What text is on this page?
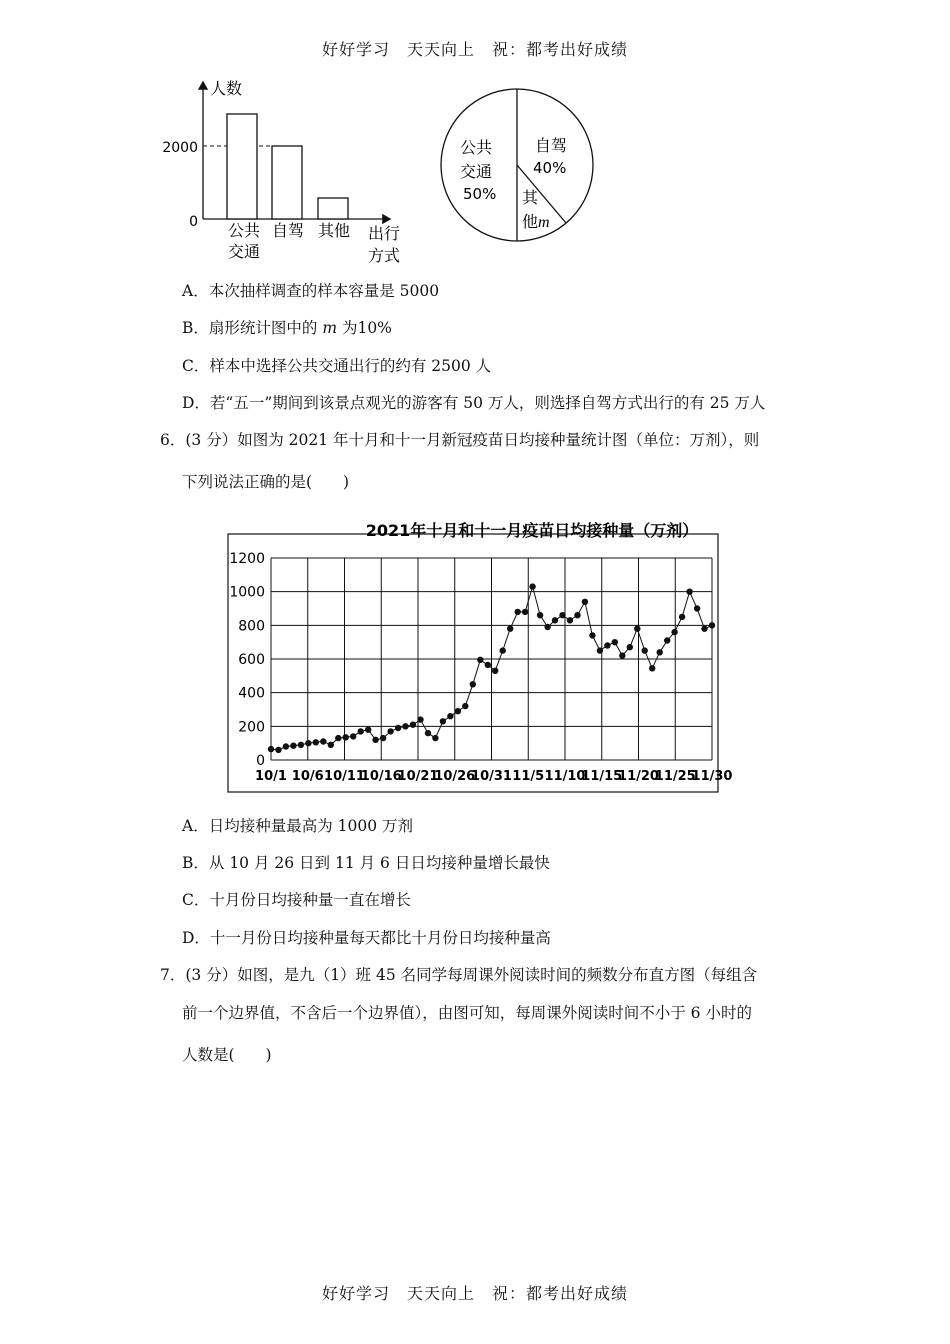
好好学习　天天向上　祝：都考出好成绩
人数
2000
0 公共
交通
自驾 其他 出行
方式
公共
交通
50%
自驾
40%
其
他m
A．本次抽样调查的样本容量是 5000
B．扇形统计图中的 m 为10%
C．样本中选择公共交通出行的约有 2500 人
D．若“五一”期间到该景点观光的游客有 50 万人，则选择自驾方式出行的有 25 万人
6．(3 分）如图为 2021 年十月和十一月新冠疫苗日均接种量统计图（单位：万剂），则
下列说法正确的是(　　)
2021年十月和十一月疫苗日均接种量（万剂）
0
200
400
600
800
1000
1200
10/1 10/6 10/11
10/16
10/21
10/26
10/31 11/5 11/10
11/15
11/20
11/25
11/30
A．日均接种量最高为 1000 万剂
B．从 10 月 26 日到 11 月 6 日日均接种量增长最快
C．十月份日均接种量一直在增长
D．十一月份日均接种量每天都比十月份日均接种量高
7．(3 分）如图，是九（1）班 45 名同学每周课外阅读时间的频数分布直方图（每组含
前一个边界值，不含后一个边界值），由图可知，每周课外阅读时间不小于 6 小时的
人数是(　　)
好好学习　天天向上　祝：都考出好成绩
